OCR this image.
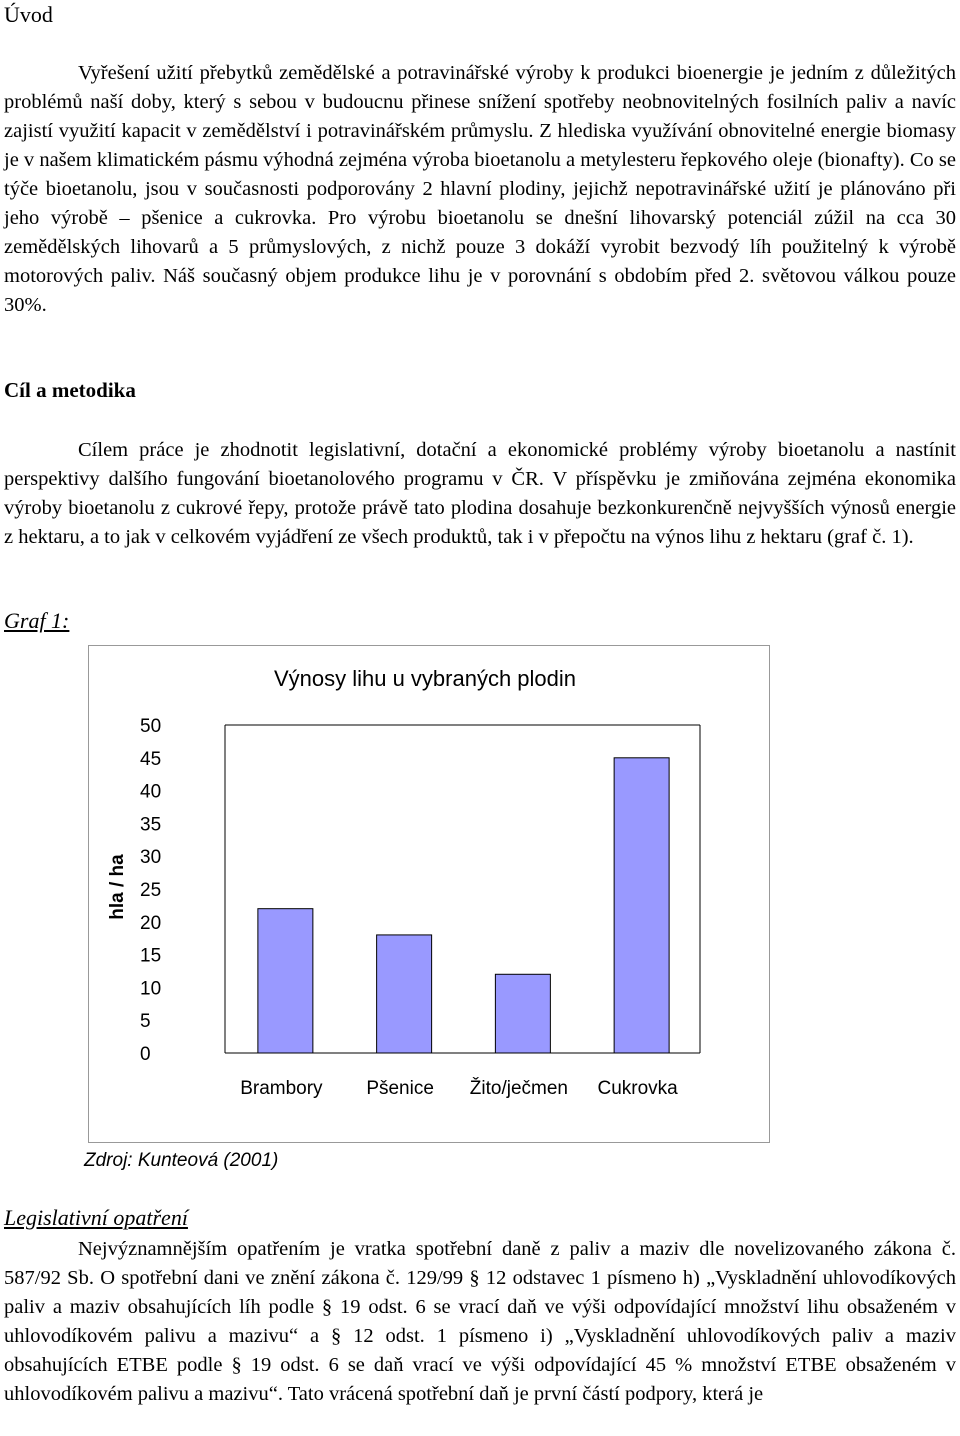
Úvod
Vyřešení užití přebytků zemědělské a potravinářské výroby k produkci bioenergie je jedním z důležitých problémů naší doby, který s sebou v budoucnu přinese snížení spotřeby neobnovitelných fosilních paliv a navíc zajistí využití kapacit v zemědělství i potravinářském průmyslu. Z hlediska využívání obnovitelné energie biomasy je v našem klimatickém pásmu výhodná zejména výroba bioetanolu a metylesteru řepkového oleje (bionafty). Co se týče bioetanolu, jsou v současnosti podporovány 2 hlavní plodiny, jejichž nepotravinářské užití je plánováno při jeho výrobě – pšenice a cukrovka. Pro výrobu bioetanolu se dnešní lihovarský potenciál zúžil na cca 30 zemědělských lihovarů a 5 průmyslových, z nichž pouze 3 dokáží vyrobit bezvodý líh použitelný k výrobě motorových paliv. Náš současný objem produkce lihu je v porovnání s obdobím před 2. světovou válkou pouze 30%.
Cíl a metodika
Cílem práce je zhodnotit legislativní, dotační a ekonomické problémy výroby bioetanolu a nastínit perspektivy dalšího fungování bioetanolového programu v ČR. V příspěvku je zmiňována zejména ekonomika výroby bioetanolu z cukrové řepy, protože právě tato plodina dosahuje bezkonkurenčně nejvyšších výnosů energie z hektaru, a to jak v celkovém vyjádření ze všech produktů, tak i v přepočtu na výnos lihu z hektaru (graf č. 1).
Graf 1:
Výnosy lihu u vybraných plodin
hla / ha
0
5
10
15
20
25
30
35
40
45
50
Brambory Pšenice Žito/ječmen Cukrovka
Zdroj: Kunteová (2001)
Legislativní opatření
Nejvýznamnějším opatřením je vratka spotřební daně z paliv a maziv dle novelizovaného zákona č. 587/92 Sb. O spotřební dani ve znění zákona č. 129/99 § 12 odstavec 1 písmeno h) „Vyskladnění uhlovodíkových paliv a maziv obsahujících líh podle § 19 odst. 6 se vrací daň ve výši odpovídající množství lihu obsaženém v uhlovodíkovém palivu a mazivu“ a § 12 odst. 1 písmeno i) „Vyskladnění uhlovodíkových paliv a maziv obsahujících ETBE podle § 19 odst. 6 se daň vrací ve výši odpovídající 45 % množství ETBE obsaženém v uhlovodíkovém palivu a mazivu“. Tato vrácená spotřební daň je první částí podpory, která je
